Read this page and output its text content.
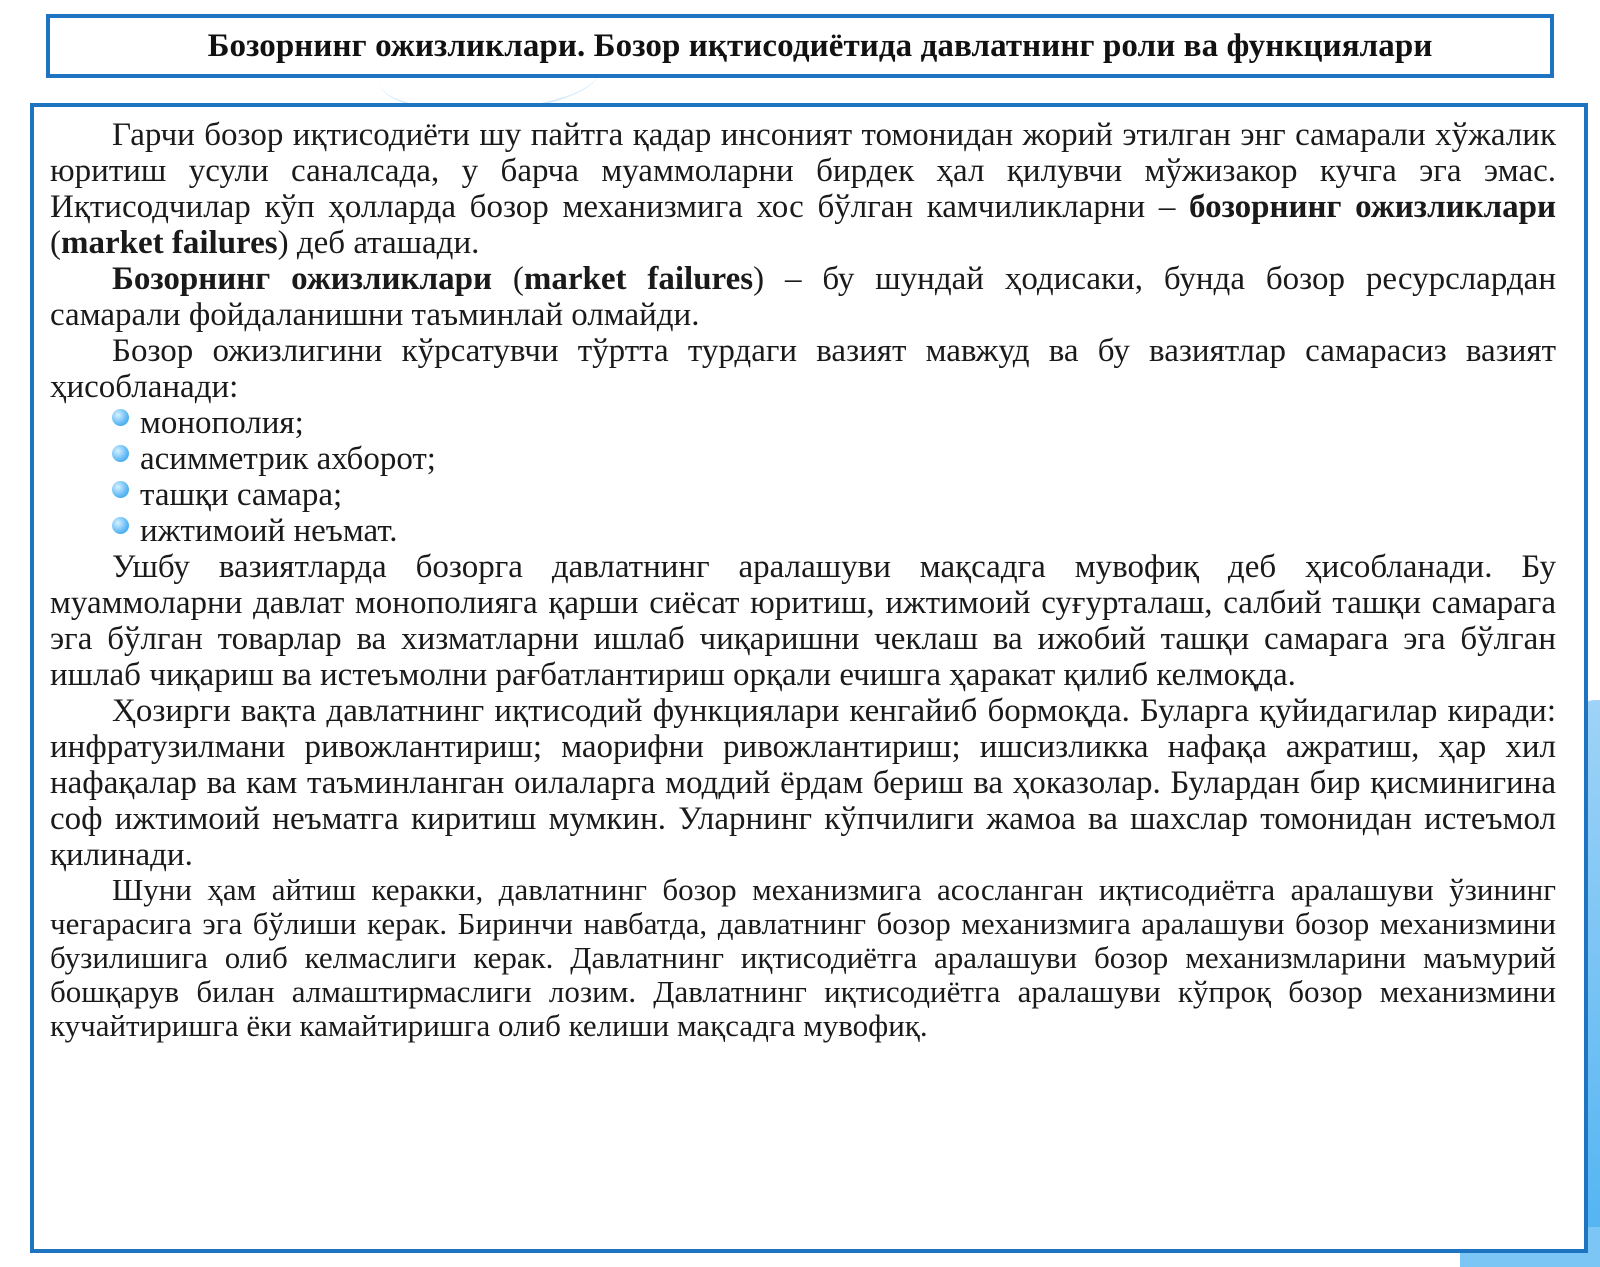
Бозорнинг ожизликлари. Бозор иқтисодиётида давлатнинг роли ва функциялари

Гарчи бозор иқтисодиёти шу пайтга қадар инсоният томонидан жорий этилган энг самарали хўжалик юритиш усули саналсада, у барча муаммоларни бирдек ҳал қилувчи мўжизакор кучга эга эмас. Иқтисодчилар кўп ҳолларда бозор механизмига хос бўлган камчиликларни – бозорнинг ожизликлари (market failures) деб аташади.

Бозорнинг ожизликлари (market failures) – бу шундай ҳодисаки, бунда бозор ресурслардан самарали фойдаланишни таъминлай олмайди.

Бозор ожизлигини кўрсатувчи тўртта турдаги вазият мавжуд ва бу вазиятлар самарасиз вазият ҳисобланади:

монополия;
асимметрик ахборот;
ташқи самара;
ижтимоий неъмат.

Ушбу вазиятларда бозорга давлатнинг аралашуви мақсадга мувофиқ деб ҳисобланади. Бу муаммоларни давлат монополияга қарши сиёсат юритиш, ижтимоий суғурталаш, салбий ташқи самарага эга бўлган товарлар ва хизматларни ишлаб чиқаришни чеклаш ва ижобий ташқи самарага эга бўлган ишлаб чиқариш ва истеъмолни рағбатлантириш орқали ечишга ҳаракат қилиб келмоқда.

Ҳозирги вақта давлатнинг иқтисодий функциялари кенгайиб бормоқда. Буларга қуйидагилар киради: инфратузилмани ривожлантириш; маорифни ривожлантириш; ишсизликка нафақа ажратиш, ҳар хил нафақалар ва кам таъминланган оилаларга моддий ёрдам бериш ва ҳоказолар. Булардан бир қисминигина соф ижтимоий неъматга киритиш мумкин. Уларнинг кўпчилиги жамоа ва шахслар томонидан истеъмол қилинади.

Шуни ҳам айтиш керакки, давлатнинг бозор механизмига асосланган иқтисодиётга аралашуви ўзининг чегарасига эга бўлиши керак. Биринчи навбатда, давлатнинг бозор механизмига аралашуви бозор механизмини бузилишига олиб келмаслиги керак. Давлатнинг иқтисодиётга аралашуви бозор механизмларини маъмурий бошқарув билан алмаштирмаслиги лозим. Давлатнинг иқтисодиётга аралашуви кўпроқ бозор механизмини кучайтиришга ёки камайтиришга олиб келиши мақсадга мувофиқ.
